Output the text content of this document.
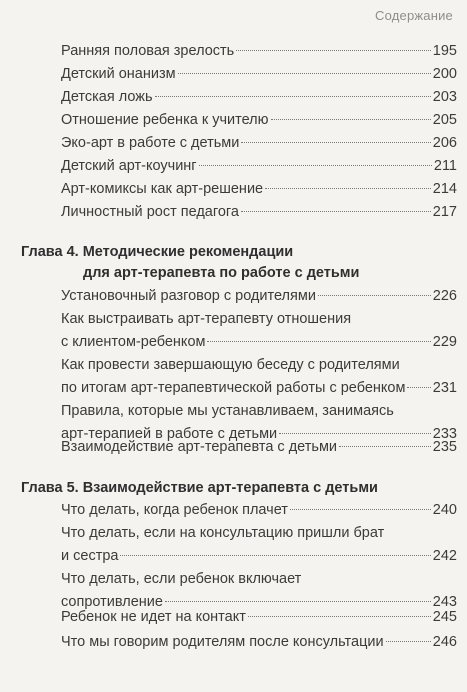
Содержание
Ранняя половая зрелость	195
Детский онанизм	200
Детская ложь	203
Отношение ребенка к учителю	205
Эко-арт в работе с детьми	206
Детский арт-коучинг	211
Арт-комиксы как арт-решение	214
Личностный рост педагога	217
Глава 4. Методические рекомендации
для арт-терапевта по работе с детьми
Установочный разговор с родителями	226
Как выстраивать арт-терапевту отношения
с клиентом-ребенком	229
Как провести завершающую беседу с родителями
по итогам арт-терапевтической работы с ребенком 231
Правила, которые мы устанавливаем, занимаясь
арт-терапией в работе с детьми	233
Взаимодействие арт-терапевта с детьми	235
Глава 5. Взаимодействие арт-терапевта с детьми
Что делать, когда ребенок плачет	240
Что делать, если на консультацию пришли брат
и сестра	242
Что делать, если ребенок включает
сопротивление	243
Ребенок не идет на контакт	245
Что мы говорим родителям после консультации	246
